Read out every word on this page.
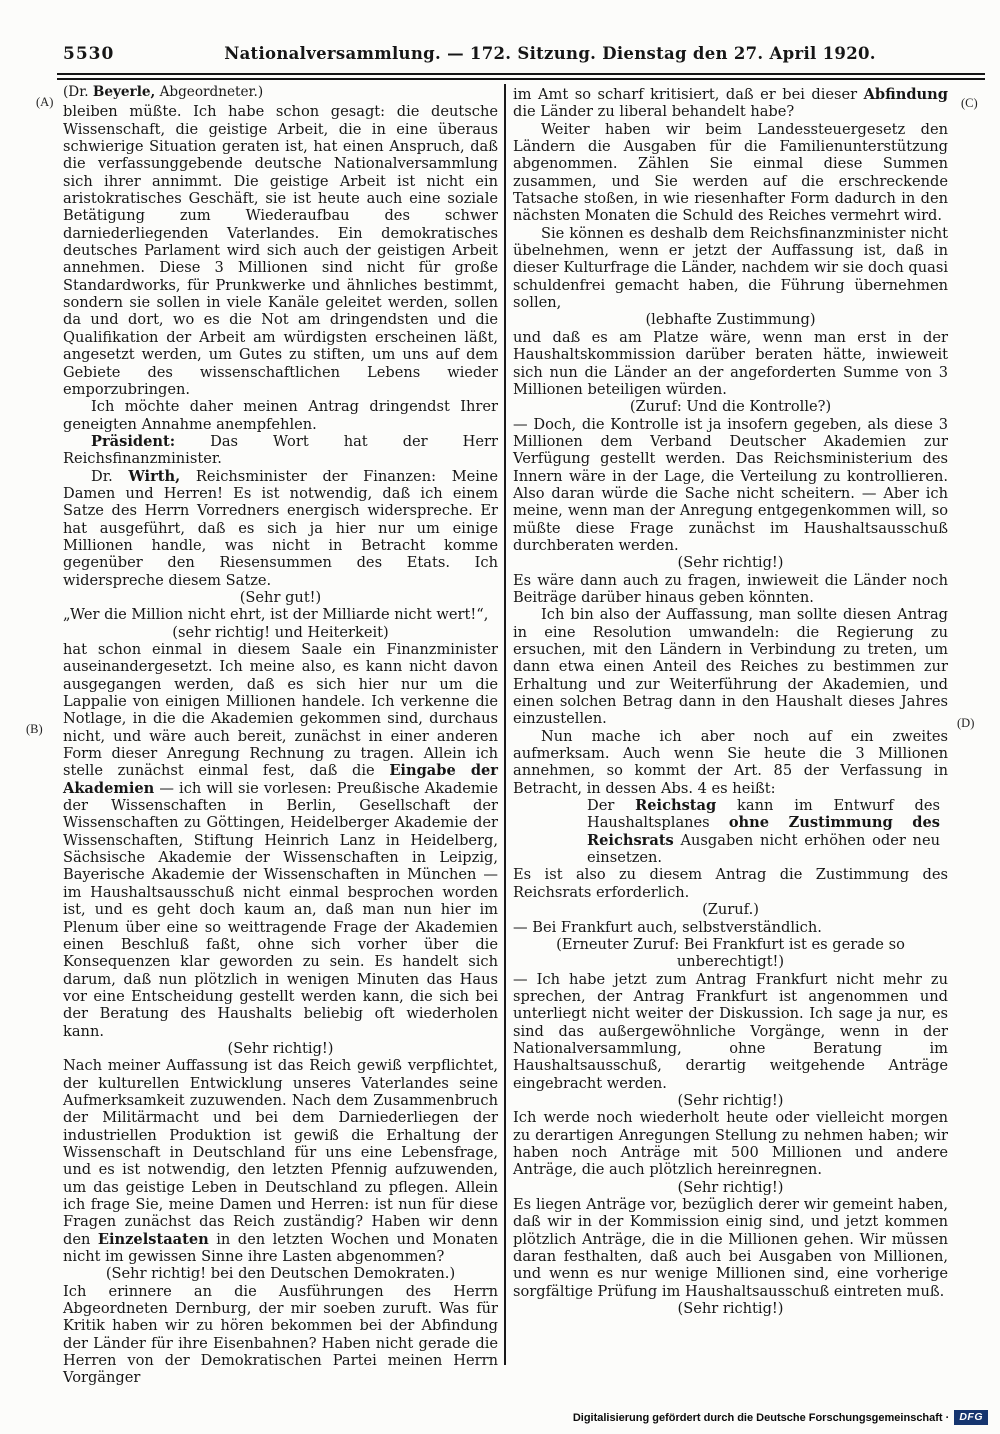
5530	Nationalversammlung. — 172. Sitzung. Dienstag den 27. April 1920.
(A)
(B)
(C)
(D)

(Dr. Beyerle, Abgeordneter.)

bleiben müßte. Ich habe schon gesagt: die deutsche Wissenschaft, die geistige Arbeit, die in eine überaus schwierige Situation geraten ist, hat einen Anspruch, daß die verfassunggebende deutsche Nationalversammlung sich ihrer annimmt. Die geistige Arbeit ist nicht ein aristokratisches Geschäft, sie ist heute auch eine soziale Betätigung zum Wiederaufbau des schwer darniederliegenden Vaterlandes. Ein demokratisches deutsches Parlament wird sich auch der geistigen Arbeit annehmen. Diese 3 Millionen sind nicht für große Standardworks, für Prunkwerke und ähnliches bestimmt, sondern sie sollen in viele Kanäle geleitet werden, sollen da und dort, wo es die Not am dringendsten und die Qualifikation der Arbeit am würdigsten erscheinen läßt, angesetzt werden, um Gutes zu stiften, um uns auf dem Gebiete des wissenschaftlichen Lebens wieder emporzubringen.

Ich möchte daher meinen Antrag dringendst Ihrer geneigten Annahme anempfehlen.

Präsident: Das Wort hat der Herr Reichsfinanzminister.

Dr. Wirth, Reichsminister der Finanzen: Meine Damen und Herren! Es ist notwendig, daß ich einem Satze des Herrn Vorredners energisch widerspreche. Er hat ausgeführt, daß es sich ja hier nur um einige Millionen handle, was nicht in Betracht komme gegenüber den Riesensummen des Etats. Ich widerspreche diesem Satze.

(Sehr gut!)

„Wer die Million nicht ehrt, ist der Milliarde nicht wert!“,

(sehr richtig! und Heiterkeit)

hat schon einmal in diesem Saale ein Finanzminister auseinandergesetzt. Ich meine also, es kann nicht davon ausgegangen werden, daß es sich hier nur um die Lappalie von einigen Millionen handele. Ich verkenne die Notlage, in die die Akademien gekommen sind, durchaus nicht, und wäre auch bereit, zunächst in einer anderen Form dieser Anregung Rechnung zu tragen. Allein ich stelle zunächst einmal fest, daß die Eingabe der Akademien — ich will sie vorlesen: Preußische Akademie der Wissenschaften in Berlin, Gesellschaft der Wissenschaften zu Göttingen, Heidelberger Akademie der Wissenschaften, Stiftung Heinrich Lanz in Heidelberg, Sächsische Akademie der Wissenschaften in Leipzig, Bayerische Akademie der Wissenschaften in München — im Haushaltsausschuß nicht einmal besprochen worden ist, und es geht doch kaum an, daß man nun hier im Plenum über eine so weittragende Frage der Akademien einen Beschluß faßt, ohne sich vorher über die Konsequenzen klar geworden zu sein. Es handelt sich darum, daß nun plötzlich in wenigen Minuten das Haus vor eine Entscheidung gestellt werden kann, die sich bei der Beratung des Haushalts beliebig oft wiederholen kann.

(Sehr richtig!)

Nach meiner Auffassung ist das Reich gewiß verpflichtet, der kulturellen Entwicklung unseres Vaterlandes seine Aufmerksamkeit zuzuwenden. Nach dem Zusammenbruch der Militärmacht und bei dem Darniederliegen der industriellen Produktion ist gewiß die Erhaltung der Wissenschaft in Deutschland für uns eine Lebensfrage, und es ist notwendig, den letzten Pfennig aufzuwenden, um das geistige Leben in Deutschland zu pflegen. Allein ich frage Sie, meine Damen und Herren: ist nun für diese Fragen zunächst das Reich zuständig? Haben wir denn den Einzelstaaten in den letzten Wochen und Monaten nicht im gewissen Sinne ihre Lasten abgenommen?

(Sehr richtig! bei den Deutschen Demokraten.)

Ich erinnere an die Ausführungen des Herrn Abgeordneten Dernburg, der mir soeben zuruft. Was für Kritik haben wir zu hören bekommen bei der Abfindung der Länder für ihre Eisenbahnen? Haben nicht gerade die Herren von der Demokratischen Partei meinen Herrn Vorgänger

im Amt so scharf kritisiert, daß er bei dieser Abfindung die Länder zu liberal behandelt habe?

Weiter haben wir beim Landessteuergesetz den Ländern die Ausgaben für die Familienunterstützung abgenommen. Zählen Sie einmal diese Summen zusammen, und Sie werden auf die erschreckende Tatsache stoßen, in wie riesenhafter Form dadurch in den nächsten Monaten die Schuld des Reiches vermehrt wird.

Sie können es deshalb dem Reichsfinanzminister nicht übelnehmen, wenn er jetzt der Auffassung ist, daß in dieser Kulturfrage die Länder, nachdem wir sie doch quasi schuldenfrei gemacht haben, die Führung übernehmen sollen,

(lebhafte Zustimmung)

und daß es am Platze wäre, wenn man erst in der Haushaltskommission darüber beraten hätte, inwieweit sich nun die Länder an der angeforderten Summe von 3 Millionen beteiligen würden.

(Zuruf: Und die Kontrolle?)

— Doch, die Kontrolle ist ja insofern gegeben, als diese 3 Millionen dem Verband Deutscher Akademien zur Verfügung gestellt werden. Das Reichsministerium des Innern wäre in der Lage, die Verteilung zu kontrollieren. Also daran würde die Sache nicht scheitern. — Aber ich meine, wenn man der Anregung entgegenkommen will, so müßte diese Frage zunächst im Haushaltsausschuß durchberaten werden.

(Sehr richtig!)

Es wäre dann auch zu fragen, inwieweit die Länder noch Beiträge darüber hinaus geben könnten.

Ich bin also der Auffassung, man sollte diesen Antrag in eine Resolution umwandeln: die Regierung zu ersuchen, mit den Ländern in Verbindung zu treten, um dann etwa einen Anteil des Reiches zu bestimmen zur Erhaltung und zur Weiterführung der Akademien, und einen solchen Betrag dann in den Haushalt dieses Jahres einzustellen.

Nun mache ich aber noch auf ein zweites aufmerksam. Auch wenn Sie heute die 3 Millionen annehmen, so kommt der Art. 85 der Verfassung in Betracht, in dessen Abs. 4 es heißt:

Der Reichstag kann im Entwurf des Haushaltsplanes ohne Zustimmung des Reichsrats Ausgaben nicht erhöhen oder neu einsetzen.

Es ist also zu diesem Antrag die Zustimmung des Reichsrats erforderlich.

(Zuruf.)

— Bei Frankfurt auch, selbstverständlich.

(Erneuter Zuruf: Bei Frankfurt ist es gerade so unberechtigt!)

— Ich habe jetzt zum Antrag Frankfurt nicht mehr zu sprechen, der Antrag Frankfurt ist angenommen und unterliegt nicht weiter der Diskussion. Ich sage ja nur, es sind das außergewöhnliche Vorgänge, wenn in der Nationalversammlung, ohne Beratung im Haushaltsausschuß, derartig weitgehende Anträge eingebracht werden.

(Sehr richtig!)

Ich werde noch wiederholt heute oder vielleicht morgen zu derartigen Anregungen Stellung zu nehmen haben; wir haben noch Anträge mit 500 Millionen und andere Anträge, die auch plötzlich hereinregnen.

(Sehr richtig!)

Es liegen Anträge vor, bezüglich derer wir gemeint haben, daß wir in der Kommission einig sind, und jetzt kommen plötzlich Anträge, die in die Millionen gehen. Wir müssen daran festhalten, daß auch bei Ausgaben von Millionen, und wenn es nur wenige Millionen sind, eine vorherige sorgfältige Prüfung im Haushaltsausschuß eintreten muß.

(Sehr richtig!)

Digitalisierung gefördert durch die Deutsche Forschungsgemeinschaft · DFG
